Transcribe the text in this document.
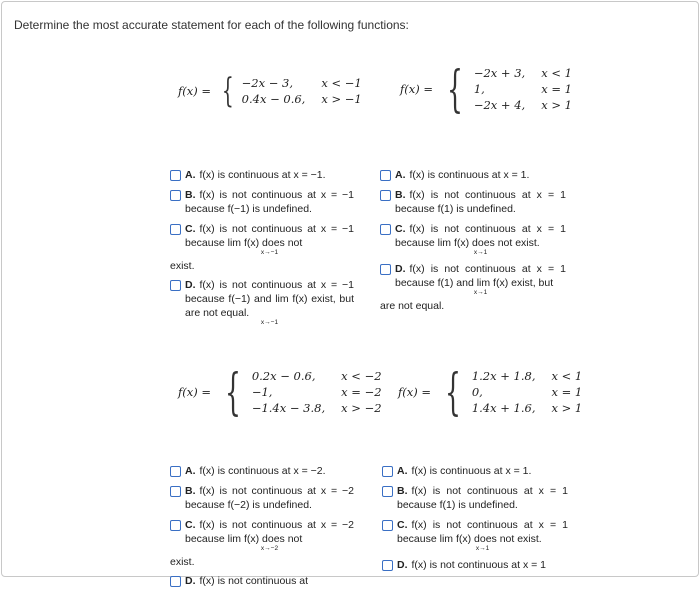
Determine the most accurate statement for each of the following functions:
f(x) = { −2x − 3,	x < −1
0.4x − 0.6,	x > −1
f(x) = { −2x + 3,	x < 1
1,	x = 1
−2x + 4,	x > 1
A. f(x) is continuous at x = −1.
B. f(x) is not continuous at x = −1 because f(−1) is undefined.
C. f(x) is not continuous at x = −1 because lim f(x) does not
x→−1
exist.
D. f(x) is not continuous at x = −1 because f(−1) and lim f(x) exist, but are not equal.
x→−1
A. f(x) is continuous at x = 1.
B. f(x) is not continuous at x = 1 because f(1) is undefined.
C. f(x) is not continuous at x = 1 because lim f(x) does not exist.
x→1
D. f(x) is not continuous at x = 1 because f(1) and lim f(x) exist, but
x→1
are not equal.
f(x) = { 0.2x − 0.6,	x < −2
−1,	x = −2
−1.4x − 3.8,	x > −2
f(x) = { 1.2x + 1.8,	x < 1
0,	x = 1
1.4x + 1.6,	x > 1
A. f(x) is continuous at x = −2.
B. f(x) is not continuous at x = −2 because f(−2) is undefined.
C. f(x) is not continuous at x = −2 because lim f(x) does not
x→−2
exist.
D. f(x) is not continuous at
A. f(x) is continuous at x = 1.
B. f(x) is not continuous at x = 1 because f(1) is undefined.
C. f(x) is not continuous at x = 1 because lim f(x) does not exist.
x→1
D. f(x) is not continuous at x = 1
